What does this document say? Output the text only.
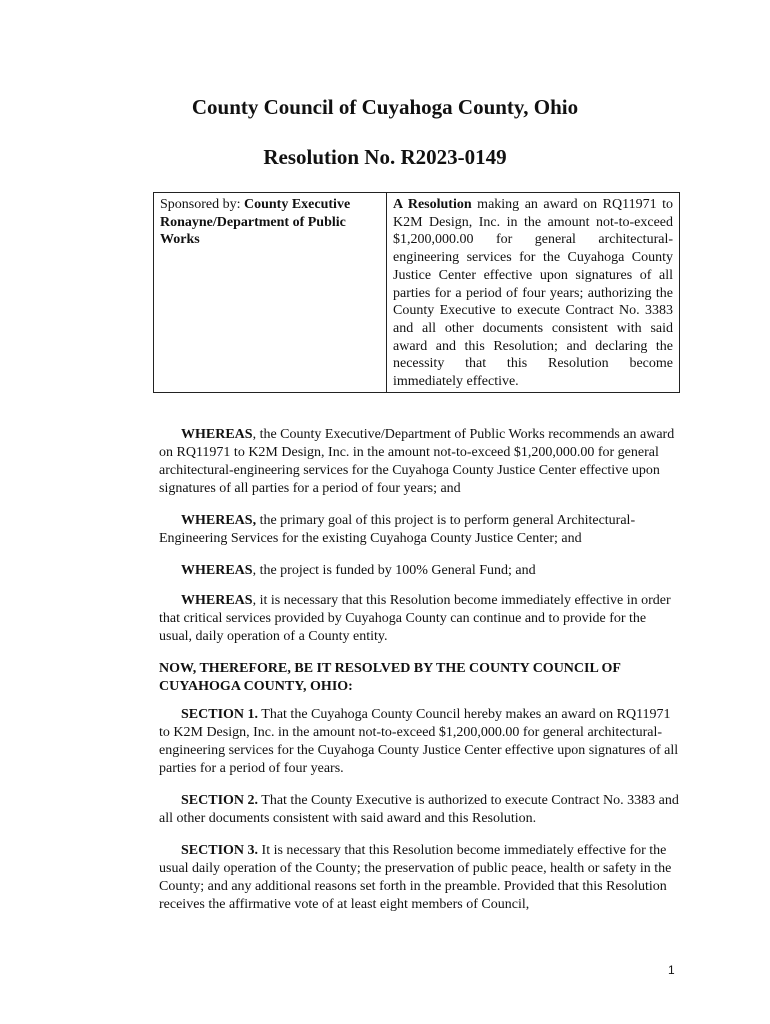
County Council of Cuyahoga County, Ohio
Resolution No. R2023-0149
Sponsored by: County Executive Ronayne/Department of Public Works	A Resolution making an award on RQ11971 to K2M Design, Inc. in the amount not-to-exceed $1,200,000.00 for general architectural-engineering services for the Cuyahoga County Justice Center effective upon signatures of all parties for a period of four years; authorizing the County Executive to execute Contract No. 3383 and all other documents consistent with said award and this Resolution; and declaring the necessity that this Resolution become immediately effective.

WHEREAS, the County Executive/Department of Public Works recommends an award on RQ11971 to K2M Design, Inc. in the amount not-to-exceed $1,200,000.00 for general architectural-engineering services for the Cuyahoga County Justice Center effective upon signatures of all parties for a period of four years; and

WHEREAS, the primary goal of this project is to perform general Architectural-Engineering Services for the existing Cuyahoga County Justice Center; and

WHEREAS, the project is funded by 100% General Fund; and

WHEREAS, it is necessary that this Resolution become immediately effective in order that critical services provided by Cuyahoga County can continue and to provide for the usual, daily operation of a County entity.

NOW, THEREFORE, BE IT RESOLVED BY THE COUNTY COUNCIL OF CUYAHOGA COUNTY, OHIO:

SECTION 1. That the Cuyahoga County Council hereby makes an award on RQ11971 to K2M Design, Inc. in the amount not-to-exceed $1,200,000.00 for general architectural-engineering services for the Cuyahoga County Justice Center effective upon signatures of all parties for a period of four years.

SECTION 2. That the County Executive is authorized to execute Contract No. 3383 and all other documents consistent with said award and this Resolution.

SECTION 3. It is necessary that this Resolution become immediately effective for the usual daily operation of the County; the preservation of public peace, health or safety in the County; and any additional reasons set forth in the preamble. Provided that this Resolution receives the affirmative vote of at least eight members of Council,

1
